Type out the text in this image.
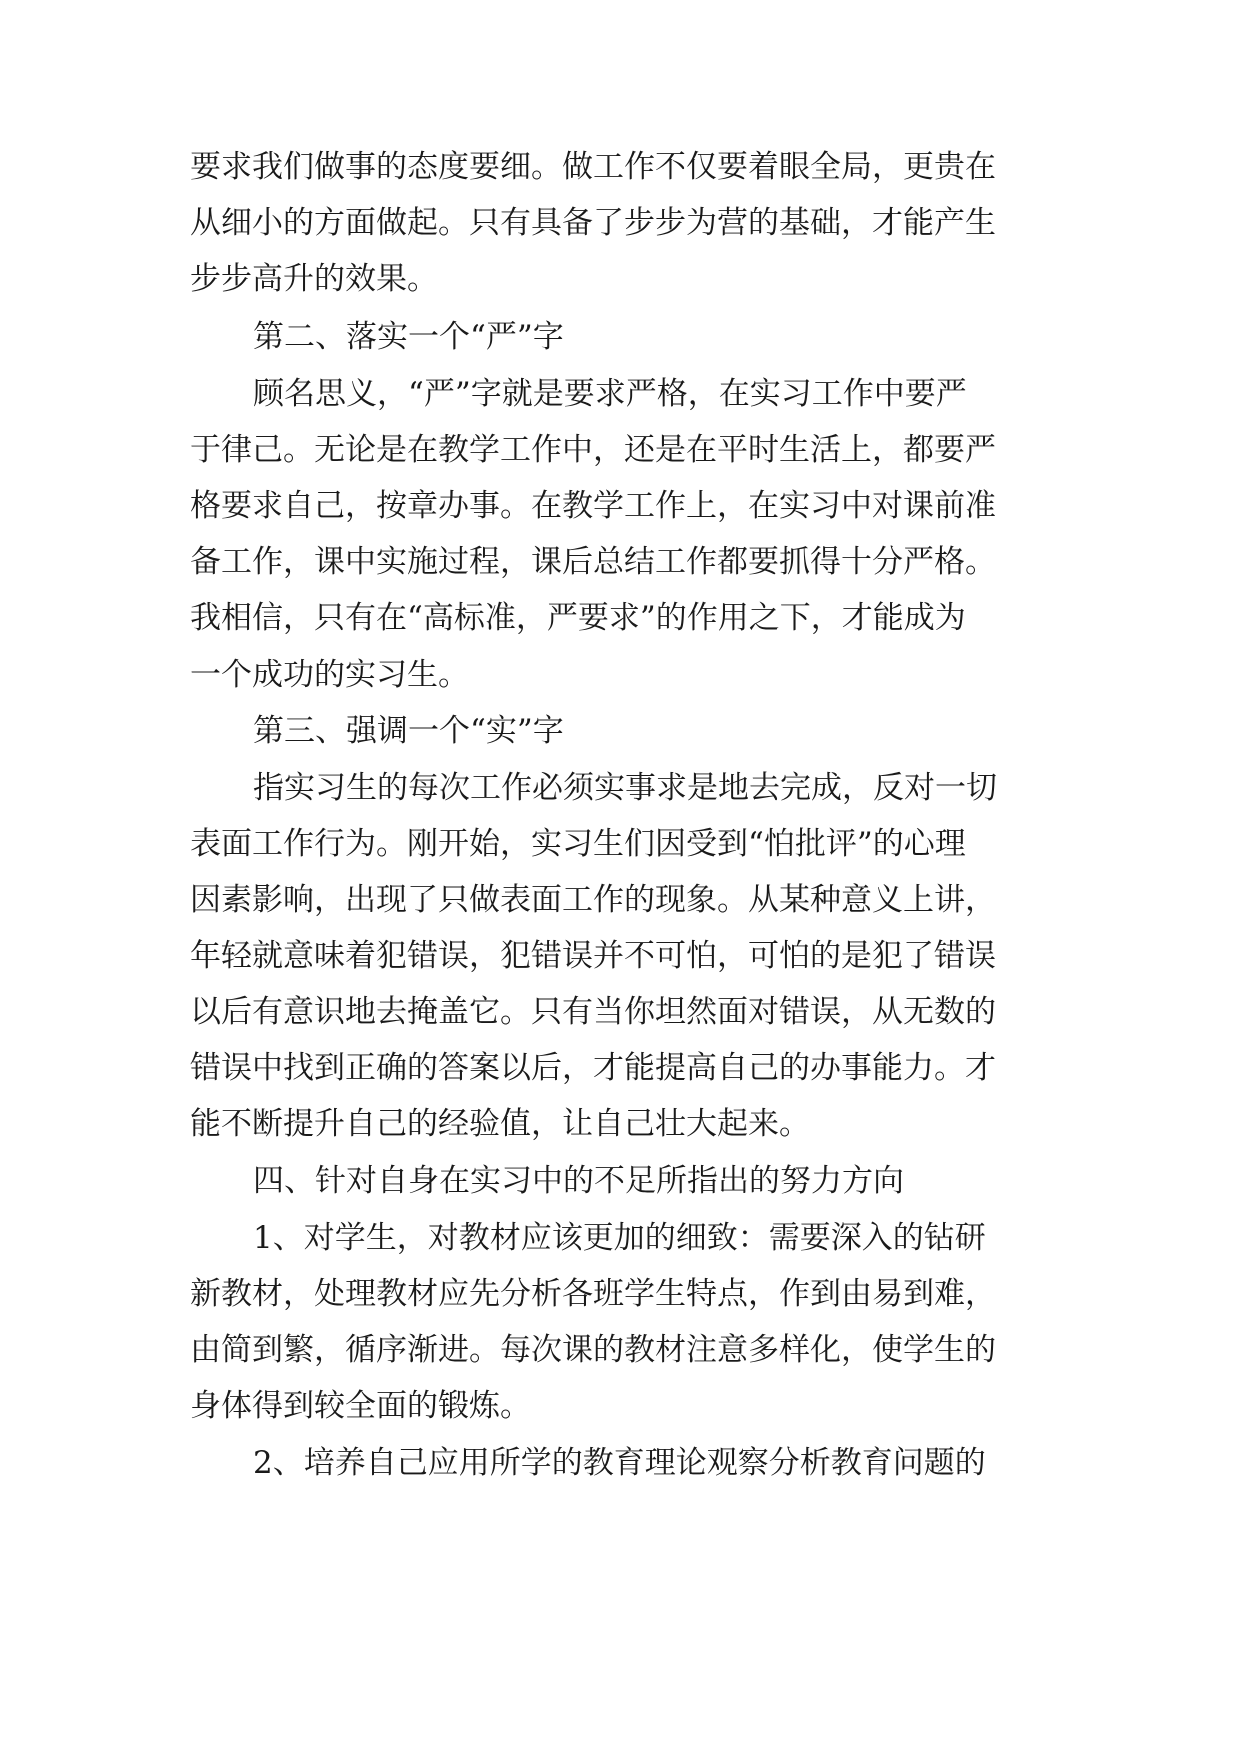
要求我们做事的态度要细。做工作不仅要着眼全局，更贵在
从细小的方面做起。只有具备了步步为营的基础，才能产生
步步高升的效果。
第二、落实一个“严”字
顾名思义，“严”字就是要求严格，在实习工作中要严
于律己。无论是在教学工作中，还是在平时生活上，都要严
格要求自己，按章办事。在教学工作上，在实习中对课前准
备工作，课中实施过程，课后总结工作都要抓得十分严格。
我相信，只有在“高标准，严要求”的作用之下，才能成为
一个成功的实习生。
第三、强调一个“实”字
指实习生的每次工作必须实事求是地去完成，反对一切
表面工作行为。刚开始，实习生们因受到“怕批评”的心理
因素影响，出现了只做表面工作的现象。从某种意义上讲，
年轻就意味着犯错误，犯错误并不可怕，可怕的是犯了错误
以后有意识地去掩盖它。只有当你坦然面对错误，从无数的
错误中找到正确的答案以后，才能提高自己的办事能力。才
能不断提升自己的经验值，让自己壮大起来。
四、针对自身在实习中的不足所指出的努力方向
1、对学生，对教材应该更加的细致：需要深入的钻研
新教材，处理教材应先分析各班学生特点，作到由易到难，
由简到繁，循序渐进。每次课的教材注意多样化，使学生的
身体得到较全面的锻炼。
2、培养自己应用所学的教育理论观察分析教育问题的
